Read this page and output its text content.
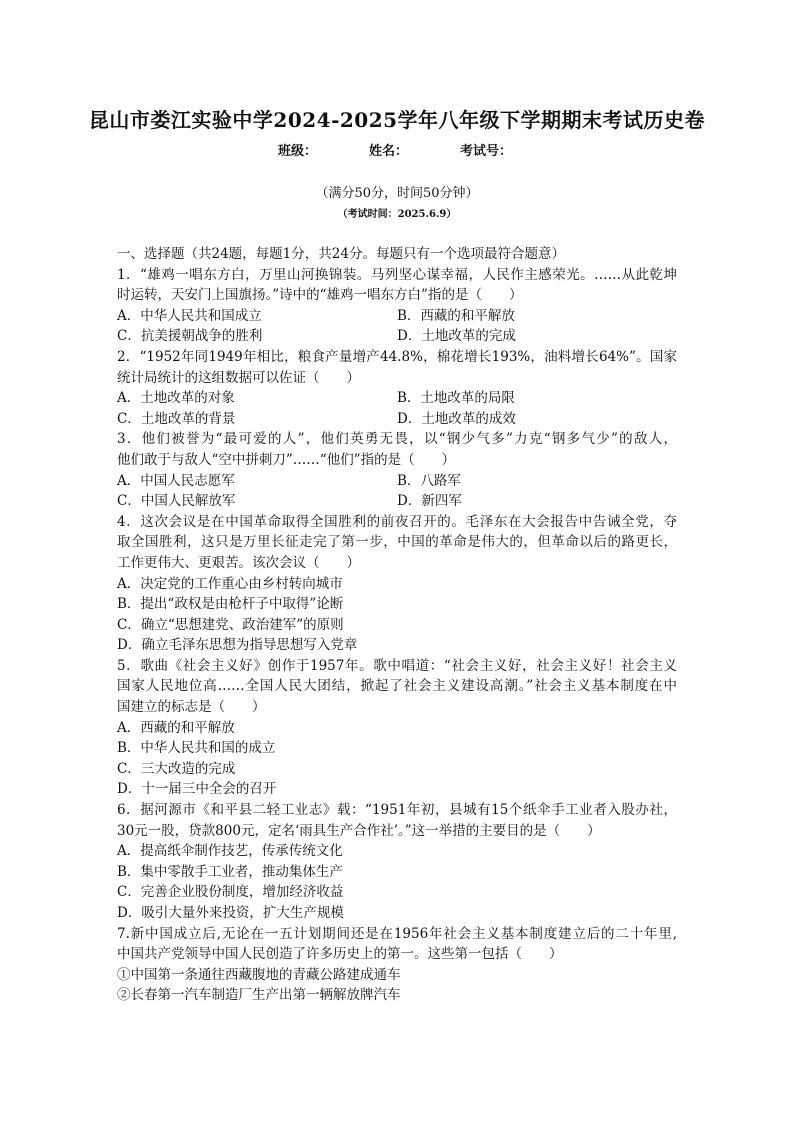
昆山市娄江实验中学2024-2025学年八年级下学期期末考试历史卷
班级：	姓名：	考试号：
（满分50分，时间50分钟）
（考试时间：2025.6.9）
一、选择题（共24题，每题1分，共24分。每题只有一个选项最符合题意）
1．“雄鸡一唱东方白，万里山河换锦装。马列坚心谋幸福，人民作主感荣光。……从此乾坤
时运转，天安门上国旗扬。”诗中的“雄鸡一唱东方白”指的是（　　）
A．中华人民共和国成立	B．西藏的和平解放
C．抗美援朝战争的胜利	D．土地改革的完成
2．“1952年同1949年相比，粮食产量增产44.8%，棉花增长193%，油料增长64%”。国家
统计局统计的这组数据可以佐证（　　）
A．土地改革的对象	B．土地改革的局限
C．土地改革的背景	D．土地改革的成效
3．他们被誉为“最可爱的人”，他们英勇无畏，以“钢少气多”力克“钢多气少”的敌人，
他们敢于与敌人“空中拼刺刀”……“他们”指的是（　　）
A．中国人民志愿军	B．八路军
C．中国人民解放军	D．新四军
4．这次会议是在中国革命取得全国胜利的前夜召开的。毛泽东在大会报告中告诫全党，夺
取全国胜利，这只是万里长征走完了第一步，中国的革命是伟大的，但革命以后的路更长，
工作更伟大、更艰苦。该次会议（　　）
A．决定党的工作重心由乡村转向城市
B．提出“政权是由枪杆子中取得”论断
C．确立“思想建党、政治建军”的原则
D．确立毛泽东思想为指导思想写入党章
5．歌曲《社会主义好》创作于1957年。歌中唱道：“社会主义好，社会主义好！社会主义
国家人民地位高……全国人民大团结，掀起了社会主义建设高潮。”社会主义基本制度在中
国建立的标志是（　　）
A．西藏的和平解放
B．中华人民共和国的成立
C．三大改造的完成
D．十一届三中全会的召开
6．据河源市《和平县二轻工业志》载：“1951年初，县城有15个纸伞手工业者入股办社，
30元一股，贷款800元，定名‘雨具生产合作社’。”这一举措的主要目的是（　　）
A．提高纸伞制作技艺，传承传统文化
B．集中零散手工业者，推动集体生产
C．完善企业股份制度，增加经济收益
D．吸引大量外来投资，扩大生产规模
7.新中国成立后,无论在一五计划期间还是在1956年社会主义基本制度建立后的二十年里,
中国共产党领导中国人民创造了许多历史上的第一。这些第一包括（　　）
①中国第一条通往西藏腹地的青藏公路建成通车
②长春第一汽车制造厂生产出第一辆解放牌汽车
